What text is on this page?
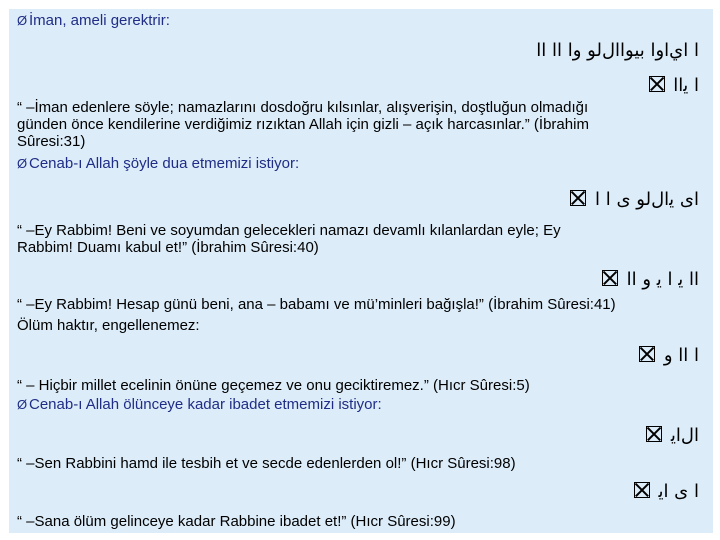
Ø İman, ameli gerektrir:
ا ايﺍﻭا ﺑﻴﻮاالﻟﻮ ﻭا اا اا
ا ﻳﺍﺍ
“ –İman edenlere söyle; namazlarını dosdoğru kılsınlar, alışverişin, doştluğun olmadığı
günden önce kendilerine verdiğimiz rızıktan Allah için gizli – açık harcasınlar.” (İbrahim
Sûresi:31)
Ø Cenab-ı Allah şöyle dua etmemizi istiyor:
ﺍﻯ ﻳالﻟﻮ ﻯ ا ا
“ –Ey Rabbim! Beni ve soyumdan gelecekleri namazı devamlı kılanlardan eyle; Ey
Rabbim! Duamı kabul et!” (İbrahim Sûresi:40)
اا ﻳ ا ﻳ ﻭ اا
“ –Ey Rabbim! Hesap günü beni, ana – babamı ve mü’minleri bağışla!” (İbrahim Sûresi:41)
Ölüm haktır, engellenemez:
ا اا ﻭ
“ – Hiçbir millet ecelinin önüne geçemez ve onu geciktiremez.” (Hıcr Sûresi:5)
Ø Cenab-ı Allah ölünceye kadar ibadet etmemizi istiyor:
الﺍﻳ
“ –Sen Rabbini hamd ile tesbih et ve secde edenlerden ol!” (Hıcr Sûresi:98)
ا ﻯ ﺍﻳ
“ –Sana ölüm gelinceye kadar Rabbine ibadet et!” (Hıcr Sûresi:99)
